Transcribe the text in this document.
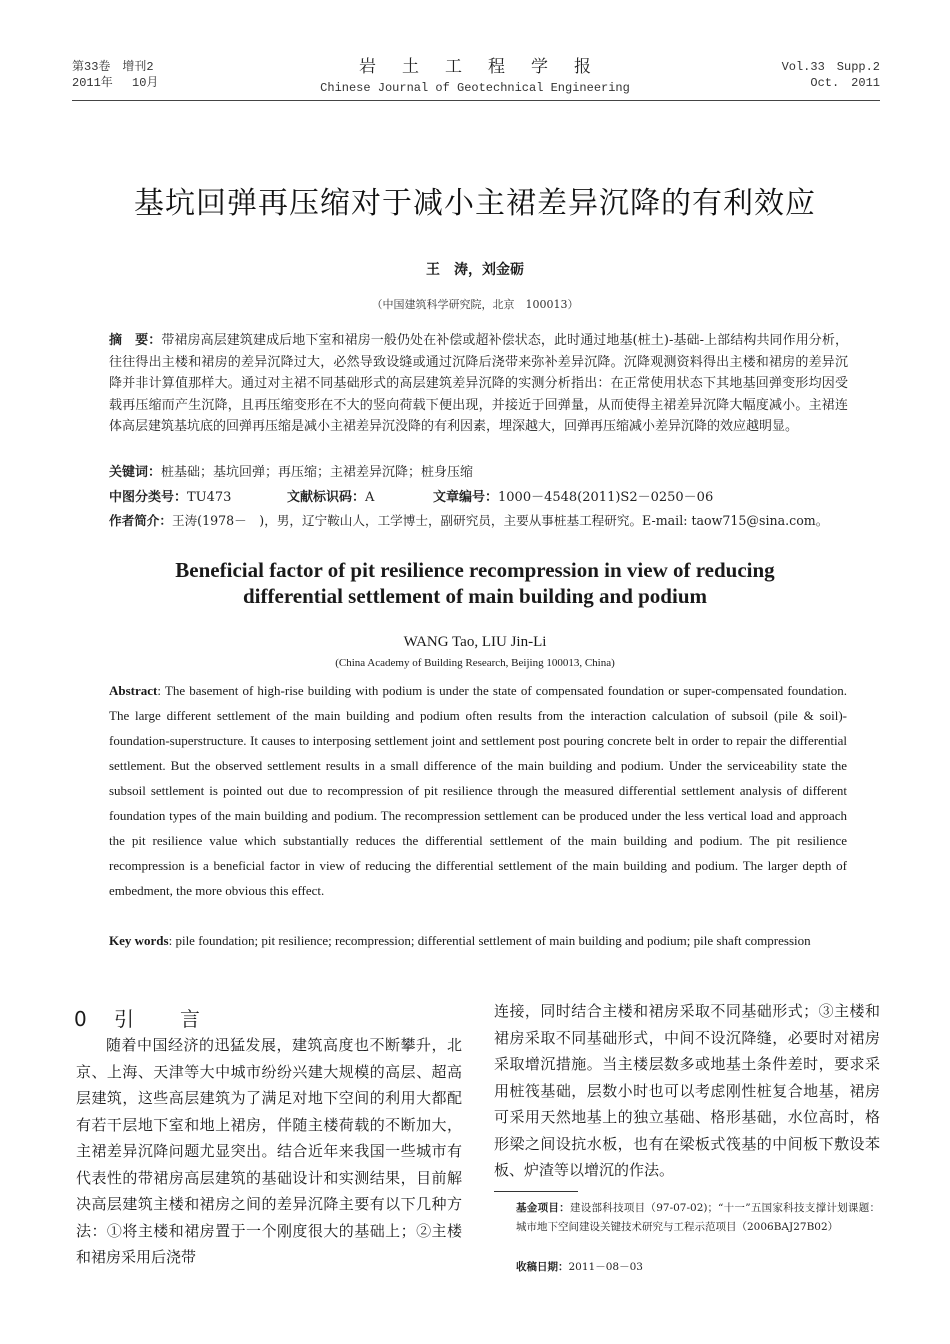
第33卷　增刊2
2011年　 10月
岩土工程学报
Chinese Journal of Geotechnical Engineering
Vol.33　Supp.2
Oct.　2011
基坑回弹再压缩对于减小主裙差异沉降的有利效应
王　涛，刘金砺
（中国建筑科学研究院，北京　100013）
摘　要：带裙房高层建筑建成后地下室和裙房一般仍处在补偿或超补偿状态，此时通过地基(桩土)-基础-上部结构共同作用分析，往往得出主楼和裙房的差异沉降过大，必然导致设缝或通过沉降后浇带来弥补差异沉降。沉降观测资料得出主楼和裙房的差异沉降并非计算值那样大。通过对主裙不同基础形式的高层建筑差异沉降的实测分析指出：在正常使用状态下其地基回弹变形均因受载再压缩而产生沉降，且再压缩变形在不大的竖向荷载下便出现，并接近于回弹量，从而使得主裙差异沉降大幅度减小。主裙连体高层建筑基坑底的回弹再压缩是减小主裙差异沉没降的有利因素，埋深越大，回弹再压缩减小差异沉降的效应越明显。
关键词：桩基础；基坑回弹；再压缩；主裙差异沉降；桩身压缩
中图分类号：TU473	文献标识码：A	文章编号：1000－4548(2011)S2－0250－06
作者简介：王涛(1978－　)，男，辽宁鞍山人，工学博士，副研究员，主要从事桩基工程研究。E-mail: taow715@sina.com。
Beneficial factor of pit resilience recompression in view of reducing
differential settlement of main building and podium
WANG Tao, LIU Jin-Li
(China Academy of Building Research, Beijing 100013, China)
Abstract: The basement of high-rise building with podium is under the state of compensated foundation or super-compensated foundation. The large different settlement of the main building and podium often results from the interaction calculation of subsoil (pile & soil)-foundation-superstructure. It causes to interposing settlement joint and settlement post pouring concrete belt in order to repair the differential settlement. But the observed settlement results in a small difference of the main building and podium. Under the serviceability state the subsoil settlement is pointed out due to recompression of pit resilience through the measured differential settlement analysis of different foundation types of the main building and podium. The recompression settlement can be produced under the less vertical load and approach the pit resilience value which substantially reduces the differential settlement of the main building and podium. The pit resilience recompression is a beneficial factor in view of reducing the differential settlement of the main building and podium. The larger depth of embedment, the more obvious this effect.
Key words: pile foundation; pit resilience; recompression; differential settlement of main building and podium; pile shaft compression
0 引 言
随着中国经济的迅猛发展，建筑高度也不断攀升，北京、上海、天津等大中城市纷纷兴建大规模的高层、超高层建筑，这些高层建筑为了满足对地下空间的利用大都配有若干层地下室和地上裙房，伴随主楼荷载的不断加大，主裙差异沉降问题尤显突出。结合近年来我国一些城市有代表性的带裙房高层建筑的基础设计和实测结果，目前解决高层建筑主楼和裙房之间的差异沉降主要有以下几种方法：①将主楼和裙房置于一个刚度很大的基础上；②主楼和裙房采用后浇带
连接，同时结合主楼和裙房采取不同基础形式；③主楼和裙房采取不同基础形式，中间不设沉降缝，必要时对裙房采取增沉措施。当主楼层数多或地基土条件差时，要求采用桩筏基础，层数小时也可以考虑刚性桩复合地基，裙房可采用天然地基上的独立基础、格形基础，水位高时，格形梁之间设抗水板，也有在梁板式筏基的中间板下敷设苯板、炉渣等以增沉的作法。
基金项目：建设部科技项目（97-07-02)；“十一”五国家科技支撑计划课题：城市地下空间建设关键技术研究与工程示范项目（2006BAJ27B02）
收稿日期：2011－08－03
